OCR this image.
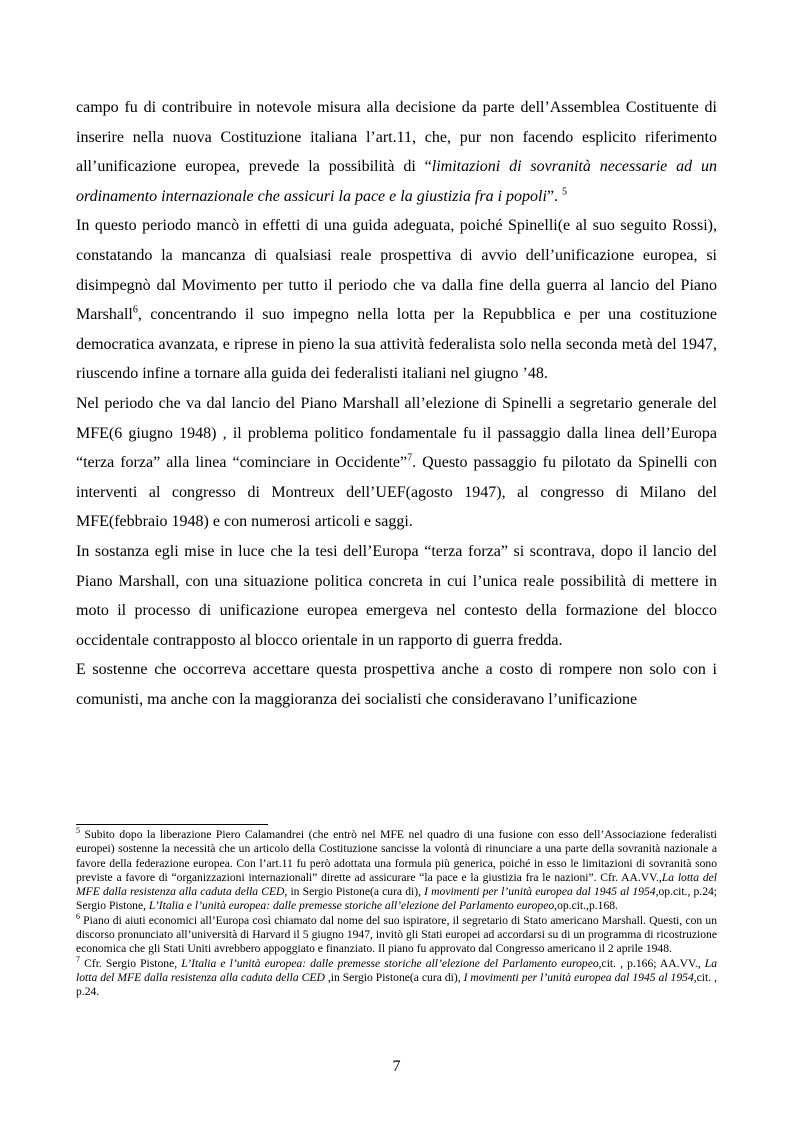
campo fu di contribuire in notevole misura alla decisione da parte dell’Assemblea Costituente di inserire nella nuova Costituzione italiana l’art.11, che, pur non facendo esplicito riferimento all’unificazione europea, prevede la possibilità di “limitazioni di sovranità necessarie ad un ordinamento internazionale che assicuri la pace e la giustizia fra i popoli”. $^5$

In questo periodo mancò in effetti di una guida adeguata, poiché Spinelli(e al suo seguito Rossi), constatando la mancanza di qualsiasi reale prospettiva di avvio dell’unificazione europea, si disimpegnò dal Movimento per tutto il periodo che va dalla fine della guerra al lancio del Piano Marshall$^6$, concentrando il suo impegno nella lotta per la Repubblica e per una costituzione democratica avanzata, e riprese in pieno la sua attività federalista solo nella seconda metà del 1947, riuscendo infine a tornare alla guida dei federalisti italiani nel giugno ’48.

Nel periodo che va dal lancio del Piano Marshall all’elezione di Spinelli a segretario generale del MFE(6 giugno 1948) , il problema politico fondamentale fu il passaggio dalla linea dell’Europa “terza forza” alla linea “cominciare in Occidente”$^7$. Questo passaggio fu pilotato da Spinelli con interventi al congresso di Montreux dell’UEF(agosto 1947), al congresso di Milano del MFE(febbraio 1948) e con numerosi articoli e saggi.

In sostanza egli mise in luce che la tesi dell’Europa “terza forza” si scontrava, dopo il lancio del Piano Marshall, con una situazione politica concreta in cui l’unica reale possibilità di mettere in moto il processo di unificazione europea emergeva nel contesto della formazione del blocco occidentale contrapposto al blocco orientale in un rapporto di guerra fredda.

E sostenne che occorreva accettare questa prospettiva anche a costo di rompere non solo con i comunisti, ma anche con la maggioranza dei socialisti che consideravano l’unificazione

$^5$ Subito dopo la liberazione Piero Calamandrei (che entrò nel MFE nel quadro di una fusione con esso dell’Associazione federalisti europei) sostenne la necessità che un articolo della Costituzione sancisse la volontà di rinunciare a una parte della sovranità nazionale a favore della federazione europea. Con l’art.11 fu però adottata una formula più generica, poiché in esso le limitazioni di sovranità sono previste a favore di “organizzazioni internazionali” dirette ad assicurare “la pace e la giustizia fra le nazioni”. Cfr. AA.VV.,La lotta del MFE dalla resistenza alla caduta della CED, in Sergio Pistone(a cura di), I movimenti per l’unità europea dal 1945 al 1954,op.cit., p.24; Sergio Pistone, L’Italia e l’unità europea: dalle premesse storiche all’elezione del Parlamento europeo,op.cit.,p.168.

$^6$ Piano di aiuti economici all’Europa così chiamato dal nome del suo ispiratore, il segretario di Stato americano Marshall. Questi, con un discorso pronunciato all’università di Harvard il 5 giugno 1947, invitò gli Stati europei ad accordarsi su di un programma di ricostruzione economica che gli Stati Uniti avrebbero appoggiato e finanziato. Il piano fu approvato dal Congresso americano il 2 aprile 1948.

$^7$ Cfr. Sergio Pistone, L’Italia e l’unità europea: dalle premesse storiche all’elezione del Parlamento europeo,cit. , p.166; AA.VV., La lotta del MFE dalla resistenza alla caduta della CED ,in Sergio Pistone(a cura di), I movimenti per l’unità europea dal 1945 al 1954,cit. , p.24.

7
